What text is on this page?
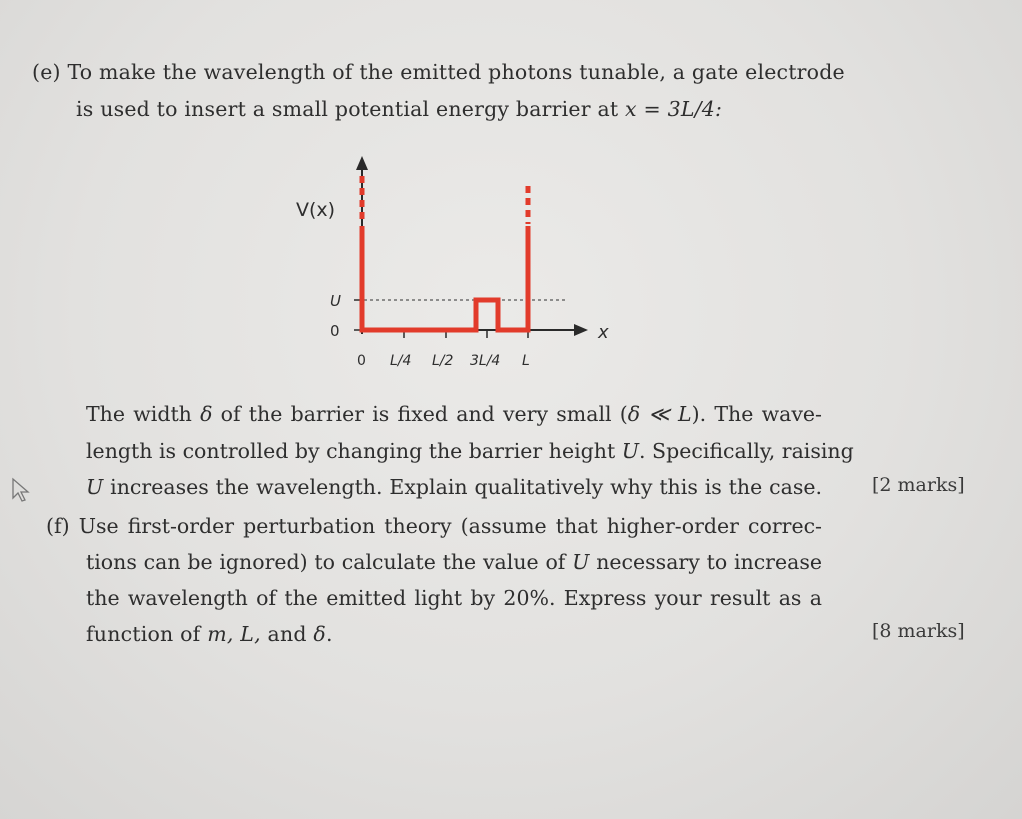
(e) To make the wavelength of the emitted photons tunable, a gate electrode
is used to insert a small potential energy barrier at x = 3L/4:
V(x)
x
U
0
0 L/4 L/2 3L/4 L
The width δ of the barrier is fixed and very small (δ ≪ L). The wave-
length is controlled by changing the barrier height U. Specifically, raising
U increases the wavelength. Explain qualitatively why this is the case.	[2 marks]
(f) Use first-order perturbation theory (assume that higher-order correc-
tions can be ignored) to calculate the value of U necessary to increase
the wavelength of the emitted light by 20%. Express your result as a
function of m, L, and δ.	[8 marks]
